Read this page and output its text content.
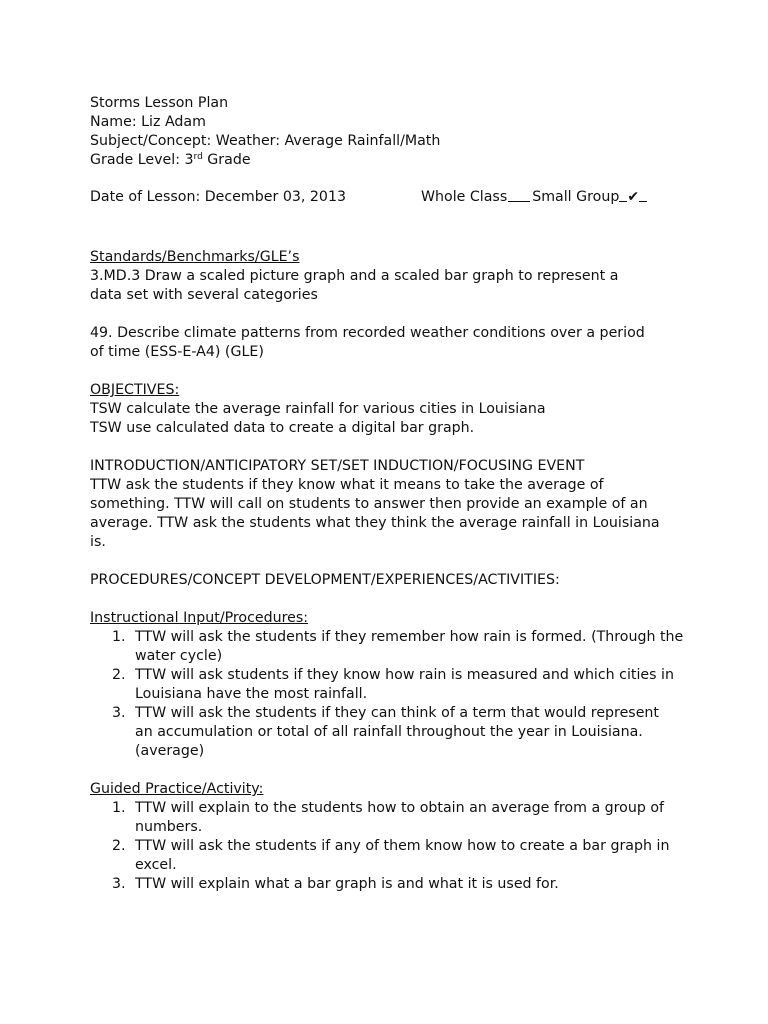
Storms Lesson Plan
Name: Liz Adam
Subject/Concept: Weather: Average Rainfall/Math
Grade Level: 3rd Grade
Date of Lesson: December 03, 2013	Whole Class Small Group ✔
Standards/Benchmarks/GLE’s
3.MD.3 Draw a scaled picture graph and a scaled bar graph to represent a
data set with several categories
49. Describe climate patterns from recorded weather conditions over a period
of time (ESS-E-A4) (GLE)
OBJECTIVES:
TSW calculate the average rainfall for various cities in Louisiana
TSW use calculated data to create a digital bar graph.
INTRODUCTION/ANTICIPATORY SET/SET INDUCTION/FOCUSING EVENT
TTW ask the students if they know what it means to take the average of
something. TTW will call on students to answer then provide an example of an
average. TTW ask the students what they think the average rainfall in Louisiana
is.
PROCEDURES/CONCEPT DEVELOPMENT/EXPERIENCES/ACTIVITIES:
Instructional Input/Procedures:
1. TTW will ask the students if they remember how rain is formed. (Through the
water cycle)
2. TTW will ask students if they know how rain is measured and which cities in
Louisiana have the most rainfall.
3. TTW will ask the students if they can think of a term that would represent
an accumulation or total of all rainfall throughout the year in Louisiana.
(average)
Guided Practice/Activity:
1. TTW will explain to the students how to obtain an average from a group of
numbers.
2. TTW will ask the students if any of them know how to create a bar graph in
excel.
3. TTW will explain what a bar graph is and what it is used for.
